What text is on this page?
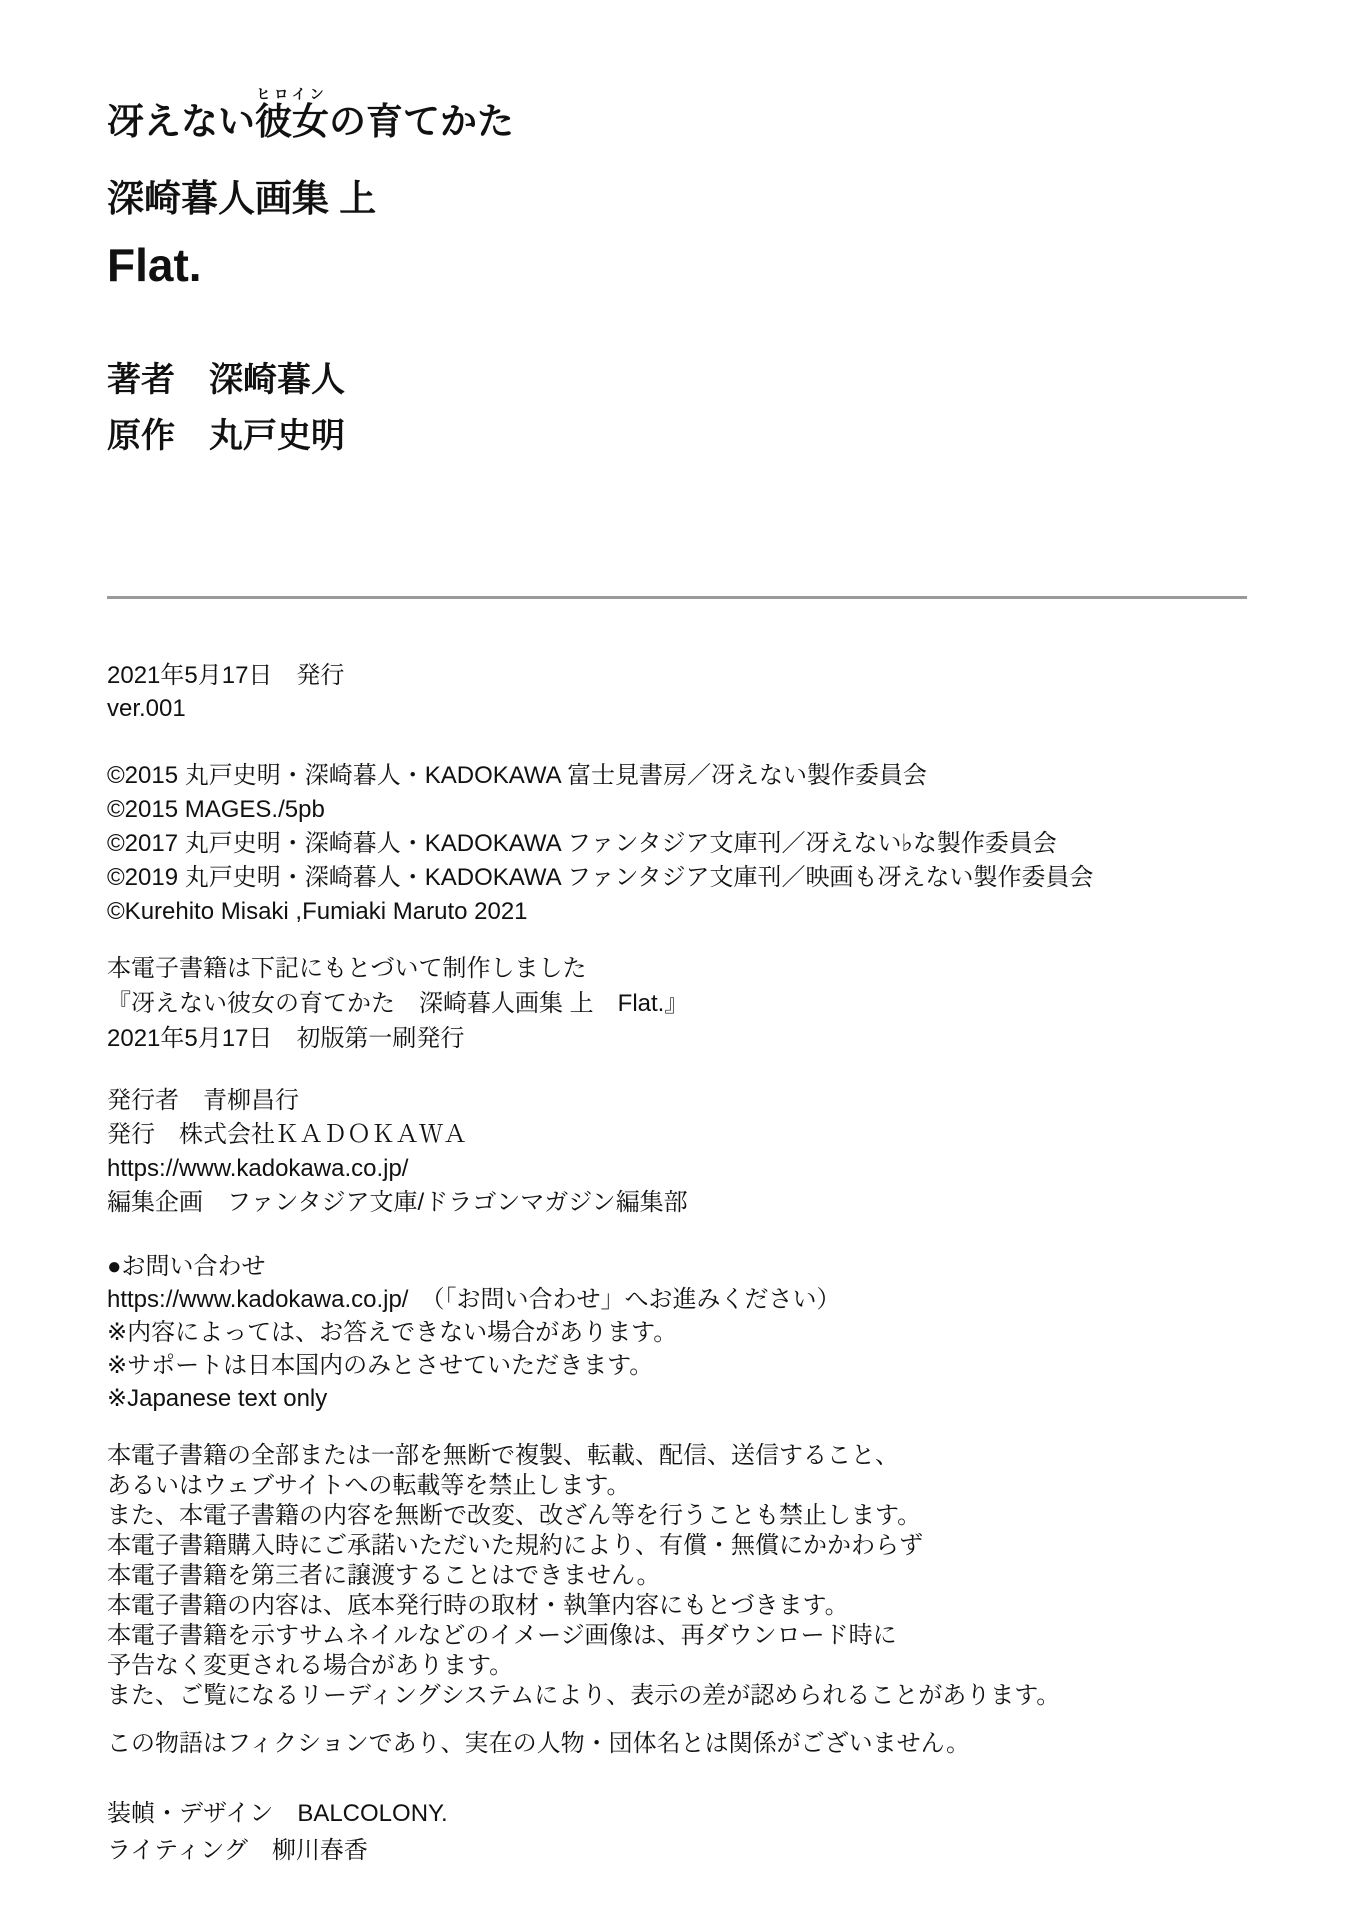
冴えない彼女ヒロインの育てかた
深崎暮人画集 上
Flat.
著者　深崎暮人
原作　丸戸史明
2021年5月17日　発行
ver.001
©2015 丸戸史明・深崎暮人・KADOKAWA 富士見書房／冴えない製作委員会
©2015 MAGES./5pb
©2017 丸戸史明・深崎暮人・KADOKAWA ファンタジア文庫刊／冴えない♭な製作委員会
©2019 丸戸史明・深崎暮人・KADOKAWA ファンタジア文庫刊／映画も冴えない製作委員会
©Kurehito Misaki ,Fumiaki Maruto 2021
本電子書籍は下記にもとづいて制作しました
『冴えない彼女の育てかた　深崎暮人画集 上　Flat.』
2021年5月17日　初版第一刷発行
発行者　青柳昌行
発行　株式会社ＫＡＤＯＫＡＷＡ
https://www.kadokawa.co.jp/
編集企画　ファンタジア文庫/ドラゴンマガジン編集部
●お問い合わせ
https://www.kadokawa.co.jp/　（「お問い合わせ」へお進みください）
※内容によっては、お答えできない場合があります。
※サポートは日本国内のみとさせていただきます。
※Japanese text only
本電子書籍の全部または一部を無断で複製、転載、配信、送信すること、
あるいはウェブサイトへの転載等を禁止します。
また、本電子書籍の内容を無断で改変、改ざん等を行うことも禁止します。
本電子書籍購入時にご承諾いただいた規約により、有償・無償にかかわらず
本電子書籍を第三者に譲渡することはできません。
本電子書籍の内容は、底本発行時の取材・執筆内容にもとづきます。
本電子書籍を示すサムネイルなどのイメージ画像は、再ダウンロード時に
予告なく変更される場合があります。
また、ご覧になるリーディングシステムにより、表示の差が認められることがあります。
この物語はフィクションであり、実在の人物・団体名とは関係がございません。
装幀・デザイン　BALCOLONY.
ライティング　柳川春香
